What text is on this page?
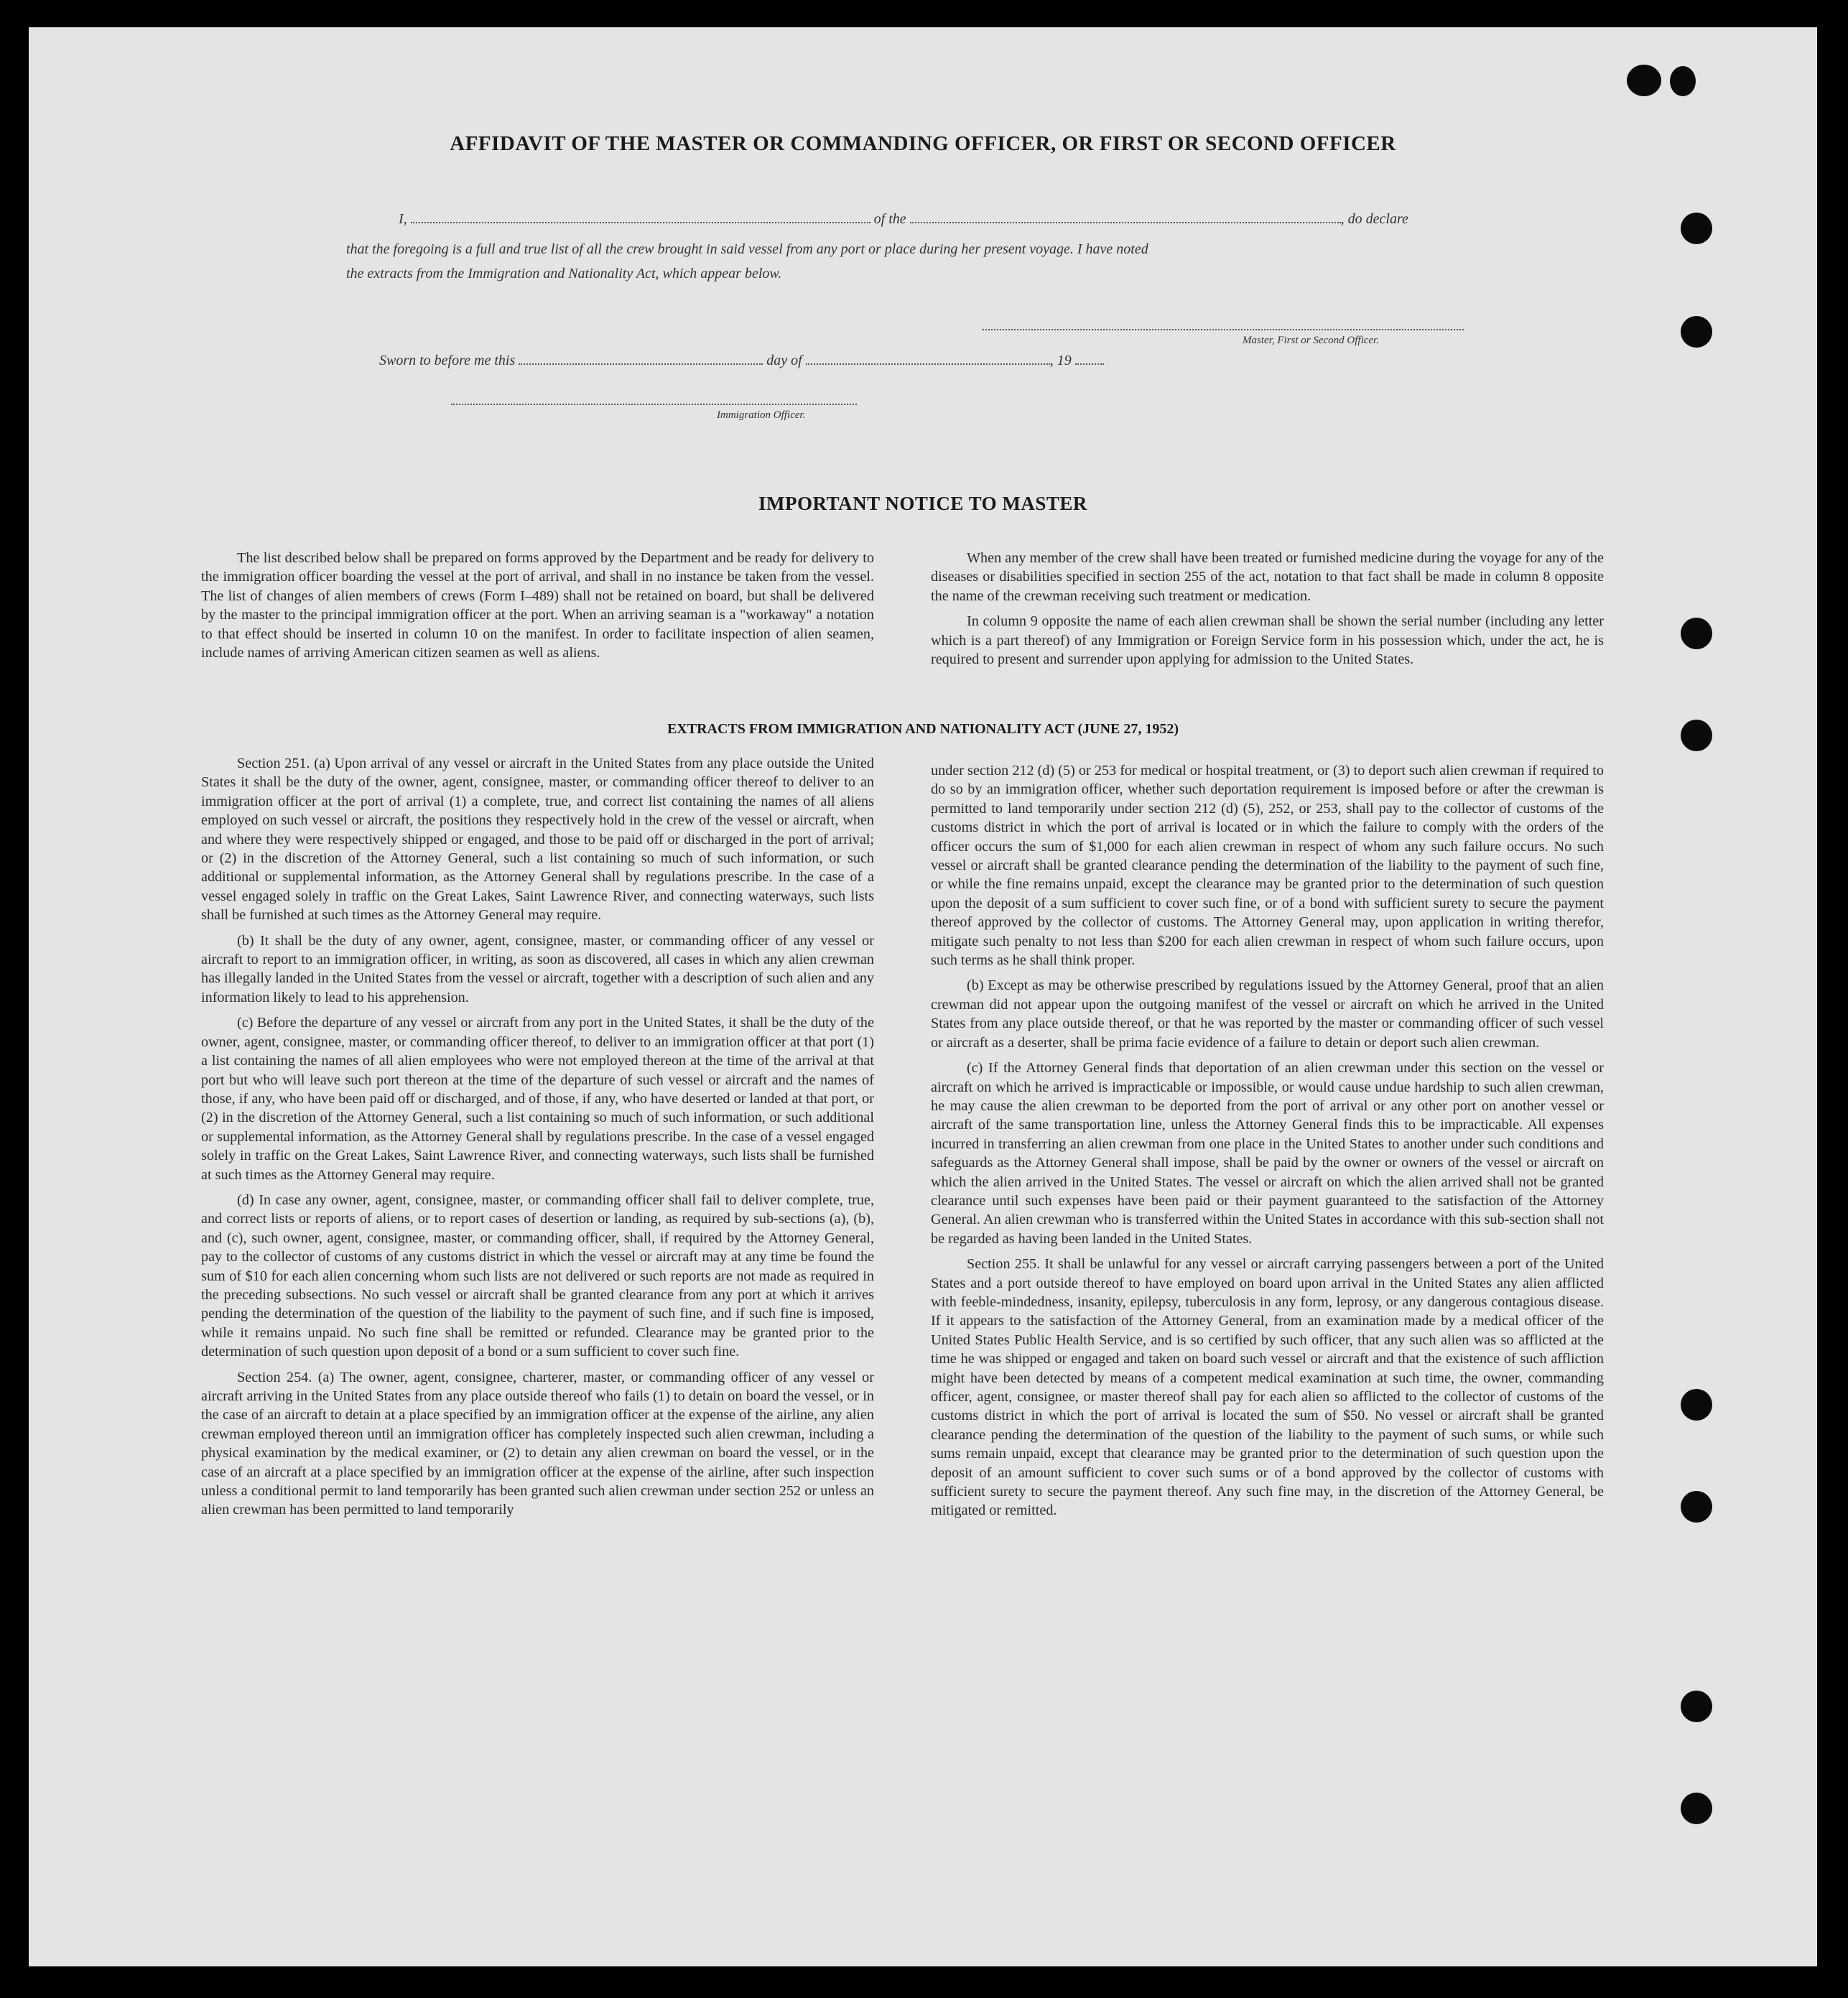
AFFIDAVIT OF THE MASTER OR COMMANDING OFFICER, OR FIRST OR SECOND OFFICER
I,	of the	, do declare
that the foregoing is a full and true list of all the crew brought in said vessel from any port or place during her present voyage. I have noted
the extracts from the Immigration and Nationality Act, which appear below.
Master, First or Second Officer.
Sworn to before me this	day of	, 19
Immigration Officer.
IMPORTANT NOTICE TO MASTER

The list described below shall be prepared on forms approved by the Department and be ready for delivery to the immigration officer boarding the vessel at the port of arrival, and shall in no instance be taken from the vessel. The list of changes of alien members of crews (Form I–489) shall not be retained on board, but shall be delivered by the master to the principal immigration officer at the port. When an arriving seaman is a "workaway" a notation to that effect should be inserted in column 10 on the manifest. In order to facilitate inspection of alien seamen, include names of arriving American citizen seamen as well as aliens.

When any member of the crew shall have been treated or furnished medicine during the voyage for any of the diseases or disabilities specified in section 255 of the act, notation to that fact shall be made in column 8 opposite the name of the crewman receiving such treatment or medication.

In column 9 opposite the name of each alien crewman shall be shown the serial number (including any letter which is a part thereof) of any Immigration or Foreign Service form in his possession which, under the act, he is required to present and surrender upon applying for admission to the United States.

EXTRACTS FROM IMMIGRATION AND NATIONALITY ACT (JUNE 27, 1952)

Section 251. (a) Upon arrival of any vessel or aircraft in the United States from any place outside the United States it shall be the duty of the owner, agent, consignee, master, or commanding officer thereof to deliver to an immigration officer at the port of arrival (1) a complete, true, and correct list containing the names of all aliens employed on such vessel or aircraft, the positions they respectively hold in the crew of the vessel or aircraft, when and where they were respectively shipped or engaged, and those to be paid off or discharged in the port of arrival; or (2) in the discretion of the Attorney General, such a list containing so much of such information, or such additional or supplemental information, as the Attorney General shall by regulations prescribe. In the case of a vessel engaged solely in traffic on the Great Lakes, Saint Lawrence River, and connecting waterways, such lists shall be furnished at such times as the Attorney General may require.

(b) It shall be the duty of any owner, agent, consignee, master, or commanding officer of any vessel or aircraft to report to an immigration officer, in writing, as soon as discovered, all cases in which any alien crewman has illegally landed in the United States from the vessel or aircraft, together with a description of such alien and any information likely to lead to his apprehension.

(c) Before the departure of any vessel or aircraft from any port in the United States, it shall be the duty of the owner, agent, consignee, master, or commanding officer thereof, to deliver to an immigration officer at that port (1) a list containing the names of all alien employees who were not employed thereon at the time of the arrival at that port but who will leave such port thereon at the time of the departure of such vessel or aircraft and the names of those, if any, who have been paid off or discharged, and of those, if any, who have deserted or landed at that port, or (2) in the discretion of the Attorney General, such a list containing so much of such information, or such additional or supplemental information, as the Attorney General shall by regulations prescribe. In the case of a vessel engaged solely in traffic on the Great Lakes, Saint Lawrence River, and connecting waterways, such lists shall be furnished at such times as the Attorney General may require.

(d) In case any owner, agent, consignee, master, or commanding officer shall fail to deliver complete, true, and correct lists or reports of aliens, or to report cases of desertion or landing, as required by sub-sections (a), (b), and (c), such owner, agent, consignee, master, or commanding officer, shall, if required by the Attorney General, pay to the collector of customs of any customs district in which the vessel or aircraft may at any time be found the sum of $10 for each alien concerning whom such lists are not delivered or such reports are not made as required in the preceding subsections. No such vessel or aircraft shall be granted clearance from any port at which it arrives pending the determination of the question of the liability to the payment of such fine, and if such fine is imposed, while it remains unpaid. No such fine shall be remitted or refunded. Clearance may be granted prior to the determination of such question upon deposit of a bond or a sum sufficient to cover such fine.

Section 254. (a) The owner, agent, consignee, charterer, master, or commanding officer of any vessel or aircraft arriving in the United States from any place outside thereof who fails (1) to detain on board the vessel, or in the case of an aircraft to detain at a place specified by an immigration officer at the expense of the airline, any alien crewman employed thereon until an immigration officer has completely inspected such alien crewman, including a physical examination by the medical examiner, or (2) to detain any alien crewman on board the vessel, or in the case of an aircraft at a place specified by an immigration officer at the expense of the airline, after such inspection unless a conditional permit to land temporarily has been granted such alien crewman under section 252 or unless an alien crewman has been permitted to land temporarily

under section 212 (d) (5) or 253 for medical or hospital treatment, or (3) to deport such alien crewman if required to do so by an immigration officer, whether such deportation requirement is imposed before or after the crewman is permitted to land temporarily under section 212 (d) (5), 252, or 253, shall pay to the collector of customs of the customs district in which the port of arrival is located or in which the failure to comply with the orders of the officer occurs the sum of $1,000 for each alien crewman in respect of whom any such failure occurs. No such vessel or aircraft shall be granted clearance pending the determination of the liability to the payment of such fine, or while the fine remains unpaid, except the clearance may be granted prior to the determination of such question upon the deposit of a sum sufficient to cover such fine, or of a bond with sufficient surety to secure the payment thereof approved by the collector of customs. The Attorney General may, upon application in writing therefor, mitigate such penalty to not less than $200 for each alien crewman in respect of whom such failure occurs, upon such terms as he shall think proper.

(b) Except as may be otherwise prescribed by regulations issued by the Attorney General, proof that an alien crewman did not appear upon the outgoing manifest of the vessel or aircraft on which he arrived in the United States from any place outside thereof, or that he was reported by the master or commanding officer of such vessel or aircraft as a deserter, shall be prima facie evidence of a failure to detain or deport such alien crewman.

(c) If the Attorney General finds that deportation of an alien crewman under this section on the vessel or aircraft on which he arrived is impracticable or impossible, or would cause undue hardship to such alien crewman, he may cause the alien crewman to be deported from the port of arrival or any other port on another vessel or aircraft of the same transportation line, unless the Attorney General finds this to be impracticable. All expenses incurred in transferring an alien crewman from one place in the United States to another under such conditions and safeguards as the Attorney General shall impose, shall be paid by the owner or owners of the vessel or aircraft on which the alien arrived in the United States. The vessel or aircraft on which the alien arrived shall not be granted clearance until such expenses have been paid or their payment guaranteed to the satisfaction of the Attorney General. An alien crewman who is transferred within the United States in accordance with this sub-section shall not be regarded as having been landed in the United States.

Section 255. It shall be unlawful for any vessel or aircraft carrying passengers between a port of the United States and a port outside thereof to have employed on board upon arrival in the United States any alien afflicted with feeble-mindedness, insanity, epilepsy, tuberculosis in any form, leprosy, or any dangerous contagious disease. If it appears to the satisfaction of the Attorney General, from an examination made by a medical officer of the United States Public Health Service, and is so certified by such officer, that any such alien was so afflicted at the time he was shipped or engaged and taken on board such vessel or aircraft and that the existence of such affliction might have been detected by means of a competent medical examination at such time, the owner, commanding officer, agent, consignee, or master thereof shall pay for each alien so afflicted to the collector of customs of the customs district in which the port of arrival is located the sum of $50. No vessel or aircraft shall be granted clearance pending the determination of the question of the liability to the payment of such sums, or while such sums remain unpaid, except that clearance may be granted prior to the determination of such question upon the deposit of an amount sufficient to cover such sums or of a bond approved by the collector of customs with sufficient surety to secure the payment thereof. Any such fine may, in the discretion of the Attorney General, be mitigated or remitted.
